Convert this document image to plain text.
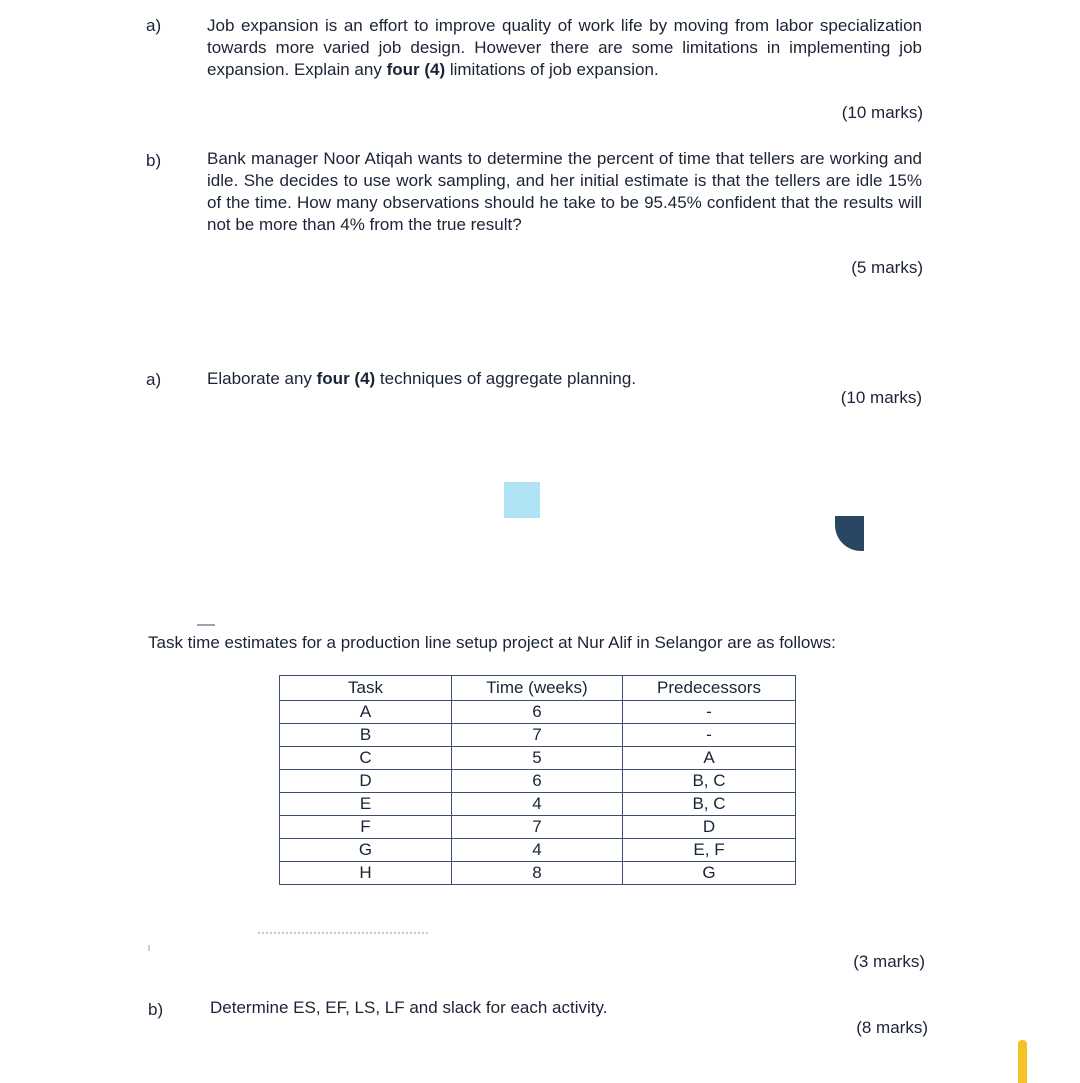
a)	Job expansion is an effort to improve quality of work life by moving from labor specialization towards more varied job design. However there are some limitations in implementing job expansion. Explain any four (4) limitations of job expansion.
(10 marks)
b)	Bank manager Noor Atiqah wants to determine the percent of time that tellers are working and idle. She decides to use work sampling, and her initial estimate is that the tellers are idle 15% of the time. How many observations should he take to be 95.45% confident that the results will not be more than 4% from the true result?
(5 marks)
a)	Elaborate any four (4) techniques of aggregate planning.
(10 marks)
Task time estimates for a production line setup project at Nur Alif in Selangor are as follows:
Task	Time (weeks)	Predecessors
A	6	-
B	7	-
C	5	A
D	6	B, C
E	4	B, C
F	7	D
G	4	E, F
H	8	G
(3 marks)
b)	Determine ES, EF, LS, LF and slack for each activity.
(8 marks)
